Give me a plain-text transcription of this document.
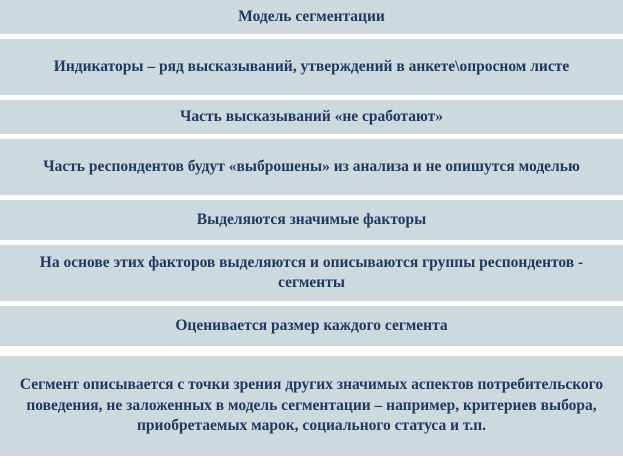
Модель сегментации

Индикаторы – ряд высказываний, утверждений в анкете\опросном листе

Часть высказываний «не сработают»

Часть респондентов будут «выброшены» из анализа и не опишутся моделью

Выделяются значимые факторы

На основе этих факторов выделяются и описываются группы респондентов - сегменты

Оценивается размер каждого сегмента

Сегмент описывается с точки зрения других значимых аспектов потребительского поведения, не заложенных в модель сегментации – например, критериев выбора, приобретаемых марок, социального статуса и т.п.
